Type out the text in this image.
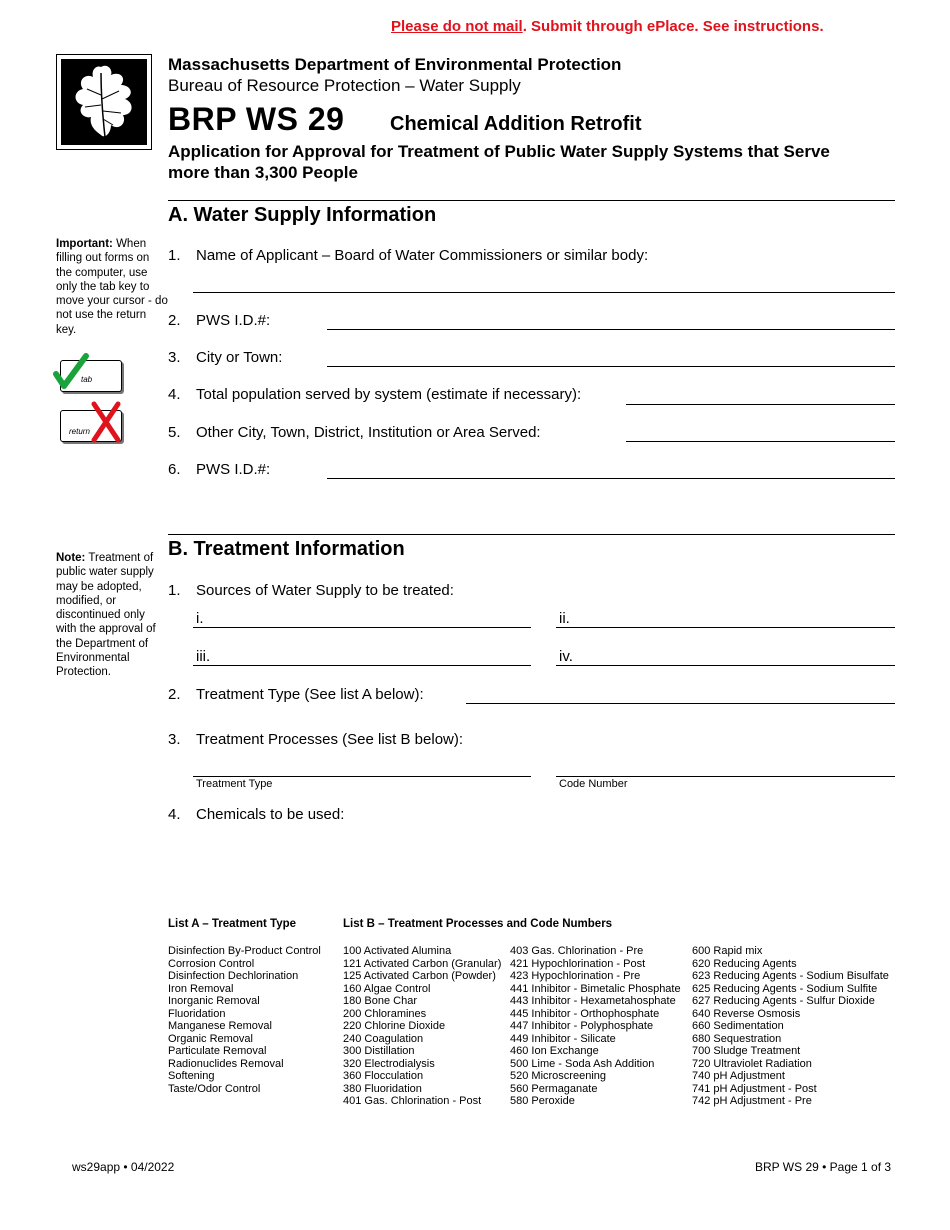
Please do not mail. Submit through ePlace. See instructions.
Massachusetts Department of Environmental Protection
Bureau of Resource Protection – Water Supply
BRP WS 29 Chemical Addition Retrofit
Application for Approval for Treatment of Public Water Supply Systems that Serve more than 3,300 People
A. Water Supply Information
Important: When filling out forms on the computer, use only the tab key to move your cursor - do not use the return key.
tab
return
1. Name of Applicant – Board of Water Commissioners or similar body:
2. PWS I.D.#:
3. City or Town:
4. Total population served by system (estimate if necessary):
5. Other City, Town, District, Institution or Area Served:
6. PWS I.D.#:
B. Treatment Information
Note: Treatment of public water supply may be adopted, modified, or discontinued only with the approval of the Department of Environmental Protection.
1. Sources of Water Supply to be treated:
i.	ii.
iii.	iv.
2. Treatment Type (See list A below):
3. Treatment Processes (See list B below):
Treatment Type	Code Number
4. Chemicals to be used:
List A – Treatment Type	List B – Treatment Processes and Code Numbers
Disinfection By-Product Control
Corrosion Control
Disinfection Dechlorination
Iron Removal
Inorganic Removal
Fluoridation
Manganese Removal
Organic Removal
Particulate Removal
Radionuclides Removal
Softening
Taste/Odor Control
100 Activated Alumina
121 Activated Carbon (Granular)
125 Activated Carbon (Powder)
160 Algae Control
180 Bone Char
200 Chloramines
220 Chlorine Dioxide
240 Coagulation
300 Distillation
320 Electrodialysis
360 Flocculation
380 Fluoridation
401 Gas. Chlorination - Post
403 Gas. Chlorination - Pre
421 Hypochlorination - Post
423 Hypochlorination - Pre
441 Inhibitor - Bimetalic Phosphate
443 Inhibitor - Hexametahosphate
445 Inhibitor - Orthophosphate
447 Inhibitor - Polyphosphate
449 Inhibitor - Silicate
460 Ion Exchange
500 Lime - Soda Ash Addition
520 Microscreening
560 Permaganate
580 Peroxide
600 Rapid mix
620 Reducing Agents
623 Reducing Agents - Sodium Bisulfate
625 Reducing Agents - Sodium Sulfite
627 Reducing Agents - Sulfur Dioxide
640 Reverse Osmosis
660 Sedimentation
680 Sequestration
700 Sludge Treatment
720 Ultraviolet Radiation
740 pH Adjustment
741 pH Adjustment - Post
742 pH Adjustment - Pre
ws29app • 04/2022	BRP WS 29 • Page 1 of 3
